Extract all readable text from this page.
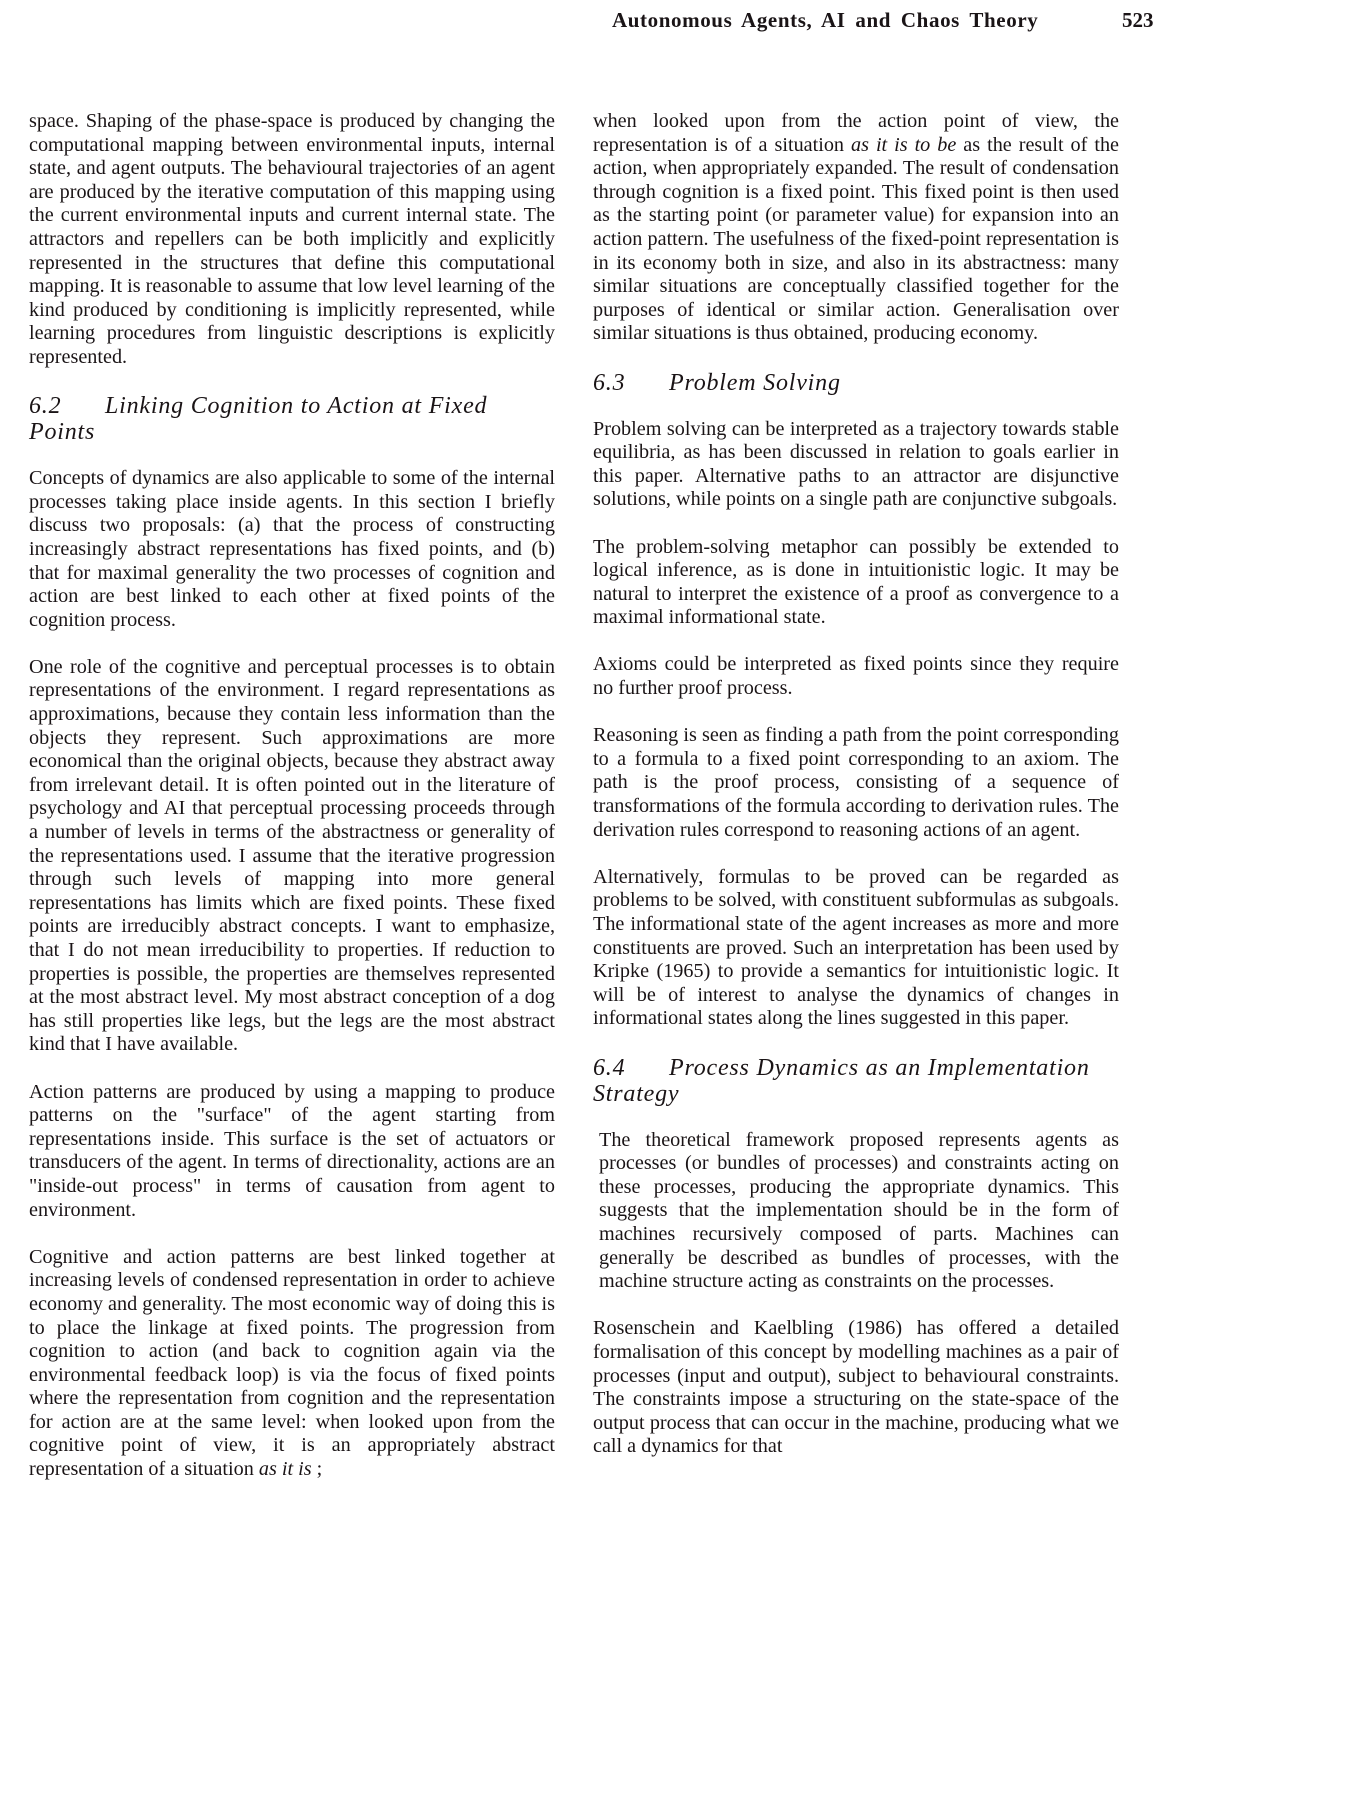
Autonomous Agents, AI and Chaos Theory	523

space. Shaping of the phase-space is produced by changing the computational mapping between environmental inputs, internal state, and agent outputs. The behavioural trajectories of an agent are produced by the iterative computation of this mapping using the current environmental inputs and current internal state. The attractors and repellers can be both implicitly and explicitly represented in the structures that define this computational mapping. It is reasonable to assume that low level learning of the kind produced by conditioning is implicitly represented, while learning procedures from linguistic descriptions is explicitly represented.

6.2 Linking Cognition to Action at Fixed Points

Concepts of dynamics are also applicable to some of the internal processes taking place inside agents. In this section I briefly discuss two proposals: (a) that the process of constructing increasingly abstract representations has fixed points, and (b) that for maximal generality the two processes of cognition and action are best linked to each other at fixed points of the cognition process.

One role of the cognitive and perceptual processes is to obtain representations of the environment. I regard representations as approximations, because they contain less information than the objects they represent. Such approximations are more economical than the original objects, because they abstract away from irrelevant detail. It is often pointed out in the literature of psychology and AI that perceptual processing proceeds through a number of levels in terms of the abstractness or generality of the representations used. I assume that the iterative progression through such levels of mapping into more general representations has limits which are fixed points. These fixed points are irreducibly abstract concepts. I want to emphasize, that I do not mean irreducibility to properties. If reduction to properties is possible, the properties are themselves represented at the most abstract level. My most abstract conception of a dog has still properties like legs, but the legs are the most abstract kind that I have available.

Action patterns are produced by using a mapping to produce patterns on the "surface" of the agent starting from representations inside. This surface is the set of actuators or transducers of the agent. In terms of directionality, actions are an "inside-out process" in terms of causation from agent to environment.

Cognitive and action patterns are best linked together at increasing levels of condensed representation in order to achieve economy and generality. The most economic way of doing this is to place the linkage at fixed points. The progression from cognition to action (and back to cognition again via the environmental feedback loop) is via the focus of fixed points where the representation from cognition and the representation for action are at the same level: when looked upon from the cognitive point of view, it is an appropriately abstract representation of a situation as it is ;

when looked upon from the action point of view, the representation is of a situation as it is to be as the result of the action, when appropriately expanded. The result of condensation through cognition is a fixed point. This fixed point is then used as the starting point (or parameter value) for expansion into an action pattern. The usefulness of the fixed-point representation is in its economy both in size, and also in its abstractness: many similar situations are conceptually classified together for the purposes of identical or similar action. Generalisation over similar situations is thus obtained, producing economy.

6.3 Problem Solving

Problem solving can be interpreted as a trajectory towards stable equilibria, as has been discussed in relation to goals earlier in this paper. Alternative paths to an attractor are disjunctive solutions, while points on a single path are conjunctive subgoals.

The problem-solving metaphor can possibly be extended to logical inference, as is done in intuitionistic logic. It may be natural to interpret the existence of a proof as convergence to a maximal informational state.

Axioms could be interpreted as fixed points since they require no further proof process.

Reasoning is seen as finding a path from the point corresponding to a formula to a fixed point corresponding to an axiom. The path is the proof process, consisting of a sequence of transformations of the formula according to derivation rules. The derivation rules correspond to reasoning actions of an agent.

Alternatively, formulas to be proved can be regarded as problems to be solved, with constituent subformulas as subgoals. The informational state of the agent increases as more and more constituents are proved. Such an interpretation has been used by Kripke (1965) to provide a semantics for intuitionistic logic. It will be of interest to analyse the dynamics of changes in informational states along the lines suggested in this paper.

6.4 Process Dynamics as an Implementation Strategy

The theoretical framework proposed represents agents as processes (or bundles of processes) and constraints acting on these processes, producing the appropriate dynamics. This suggests that the implementation should be in the form of machines recursively composed of parts. Machines can generally be described as bundles of processes, with the machine structure acting as constraints on the processes.

Rosenschein and Kaelbling (1986) has offered a detailed formalisation of this concept by modelling machines as a pair of processes (input and output), subject to behavioural constraints. The constraints impose a structuring on the state-space of the output process that can occur in the machine, producing what we call a dynamics for that
